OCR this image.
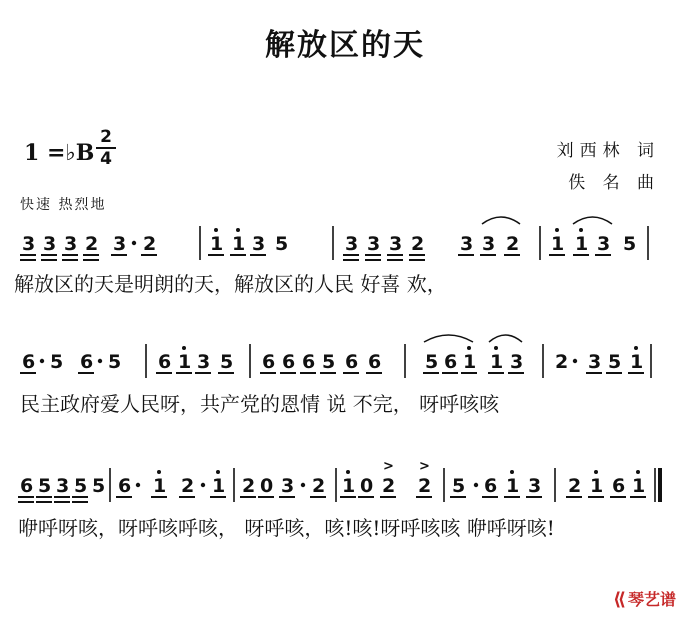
解放区的天
1 =♭B
2
4	刘西林 词
佚 名 曲
快速 热烈地
3 3 3 2 3 2	1 1 3 5	3 3 3 2 3 3 2 1 1 3 5
6 5 6 5 6 1 3 5 6 6 6 5 6 6 5 6 1 1 3 2 3 5 1
6 5 3 5 5 6 1 2 1 2 0 3 2 1 0 2
>
2
>
5 6 1 3 2 1 6 1
解放区的天是明朗的天，解放区的人民 好喜 欢，
民主政府爱人民呀，共产党的恩情 说 不完， 呀呼咳咳
咿呼呀咳，呀呼咳呼咳， 呀呼咳，咳!咳!呀呼咳咳 咿呼呀咳!
⟪ 琴艺谱
